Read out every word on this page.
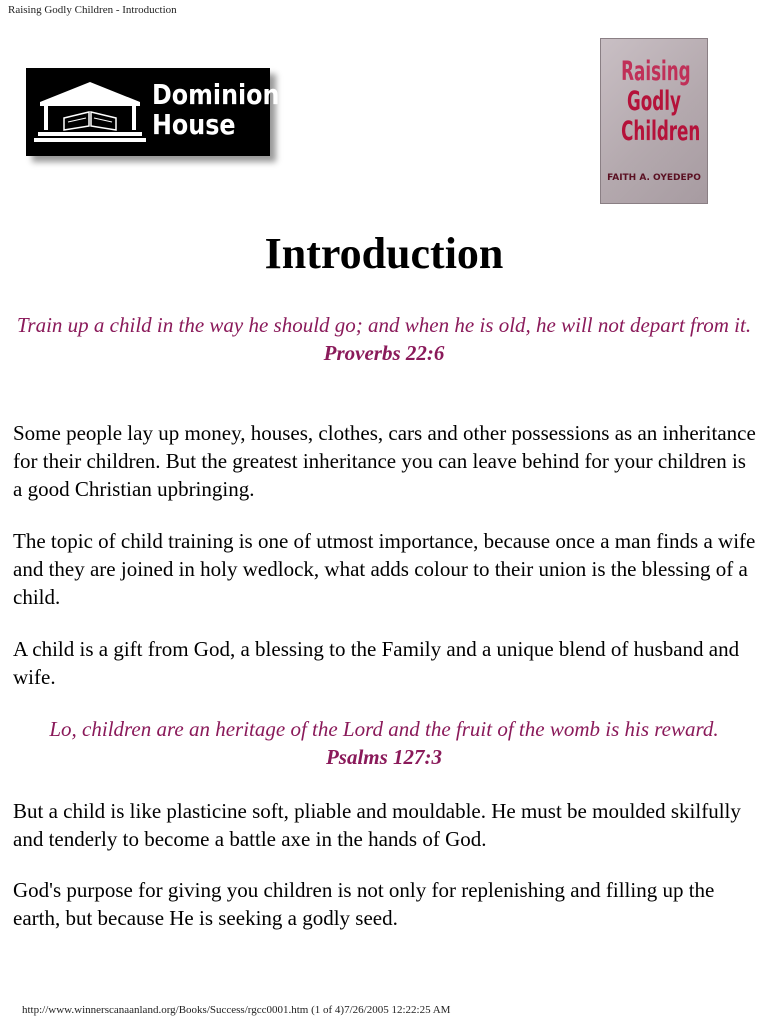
Raising Godly Children - Introduction
Dominion
House
Raising
Godly
Children
FAITH A. OYEDEPO
Introduction

Train up a child in the way he should go; and when he is old, he will not depart from it.
Proverbs 22:6

Some people lay up money, houses, clothes, cars and other possessions as an inheritance for their children. But the greatest inheritance you can leave behind for your children is a good Christian upbringing.

The topic of child training is one of utmost importance, because once a man finds a wife and they are joined in holy wedlock, what adds colour to their union is the blessing of a child.

A child is a gift from God, a blessing to the Family and a unique blend of husband and wife.

Lo, children are an heritage of the Lord and the fruit of the womb is his reward.
Psalms 127:3

But a child is like plasticine soft, pliable and mouldable. He must be moulded skilfully and tenderly to become a battle axe in the hands of God.

God's purpose for giving you children is not only for replenishing and filling up the earth, but because He is seeking a godly seed.

http://www.winnerscanaanland.org/Books/Success/rgcc0001.htm (1 of 4)7/26/2005 12:22:25 AM
